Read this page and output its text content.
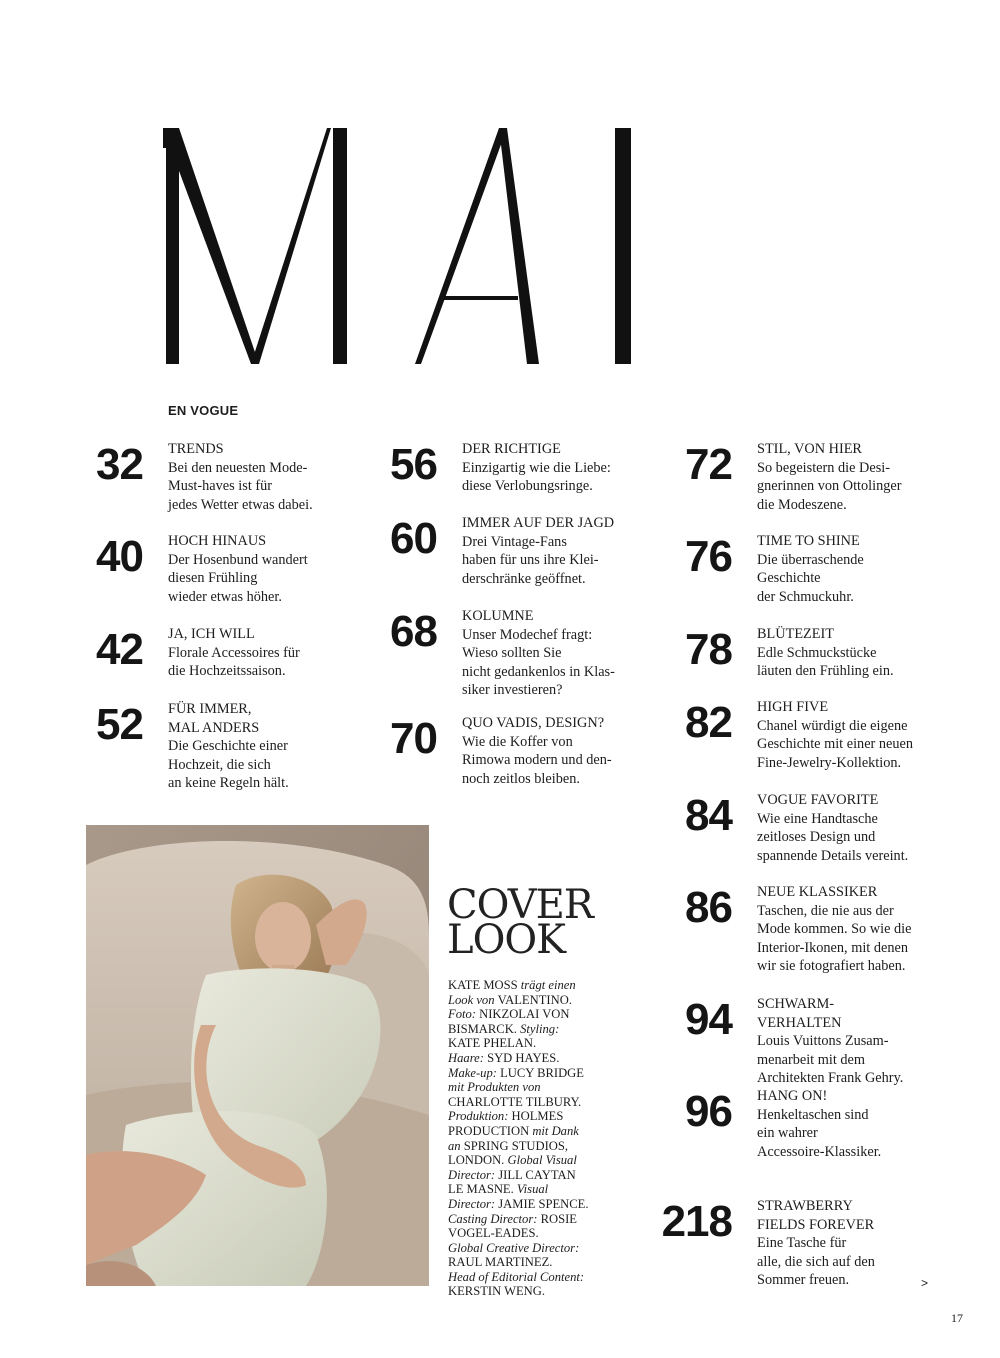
EN VOGUE
32 TRENDS
Bei den neuesten Mode-
Must-haves ist für
jedes Wetter etwas dabei.
40 HOCH HINAUS
Der Hosenbund wandert
diesen Frühling
wieder etwas höher.
42 JA, ICH WILL
Florale Accessoires für
die Hochzeitssaison.
52 FÜR IMMER,
MAL ANDERS
Die Geschichte einer
Hochzeit, die sich
an keine Regeln hält.
56 DER RICHTIGE
Einzigartig wie die Liebe:
diese Verlobungsringe.
60 IMMER AUF DER JAGD
Drei Vintage-Fans
haben für uns ihre Klei-
derschränke geöffnet.
68 KOLUMNE
Unser Modechef fragt:
Wieso sollten Sie
nicht gedankenlos in Klas-
siker investieren?
70 QUO VADIS, DESIGN?
Wie die Koffer von
Rimowa modern und den-
noch zeitlos bleiben.
72 STIL, VON HIER
So begeistern die Desi-
gnerinnen von Ottolinger
die Modeszene.
76 TIME TO SHINE
Die überraschende
Geschichte
der Schmuckuhr.
78 BLÜTEZEIT
Edle Schmuckstücke
läuten den Frühling ein.
82 HIGH FIVE
Chanel würdigt die eigene
Geschichte mit einer neuen
Fine-Jewelry-Kollektion.
84 VOGUE FAVORITE
Wie eine Handtasche
zeitloses Design und
spannende Details vereint.
86 NEUE KLASSIKER
Taschen, die nie aus der
Mode kommen. So wie die
Interior-Ikonen, mit denen
wir sie fotografiert haben.
94 SCHWARM-
VERHALTEN
Louis Vuittons Zusam-
menarbeit mit dem
Architekten Frank Gehry.
96 HANG ON!
Henkeltaschen sind
ein wahrer
Accessoire-Klassiker.
218 STRAWBERRY
FIELDS FOREVER
Eine Tasche für
alle, die sich auf den
Sommer freuen.
COVER
LOOK
KATE MOSS trägt einen
Look von VALENTINO.
Foto: NIKZOLAI VON
BISMARCK. Styling:
KATE PHELAN.
Haare: SYD HAYES.
Make-up: LUCY BRIDGE
mit Produkten von
CHARLOTTE TILBURY.
Produktion: HOLMES
PRODUCTION mit Dank
an SPRING STUDIOS,
LONDON. Global Visual
Director: JILL CAYTAN
LE MASNE. Visual
Director: JAMIE SPENCE.
Casting Director: ROSIE
VOGEL-EADES.
Global Creative Director:
RAUL MARTINEZ.
Head of Editorial Content:
KERSTIN WENG.
>
17
